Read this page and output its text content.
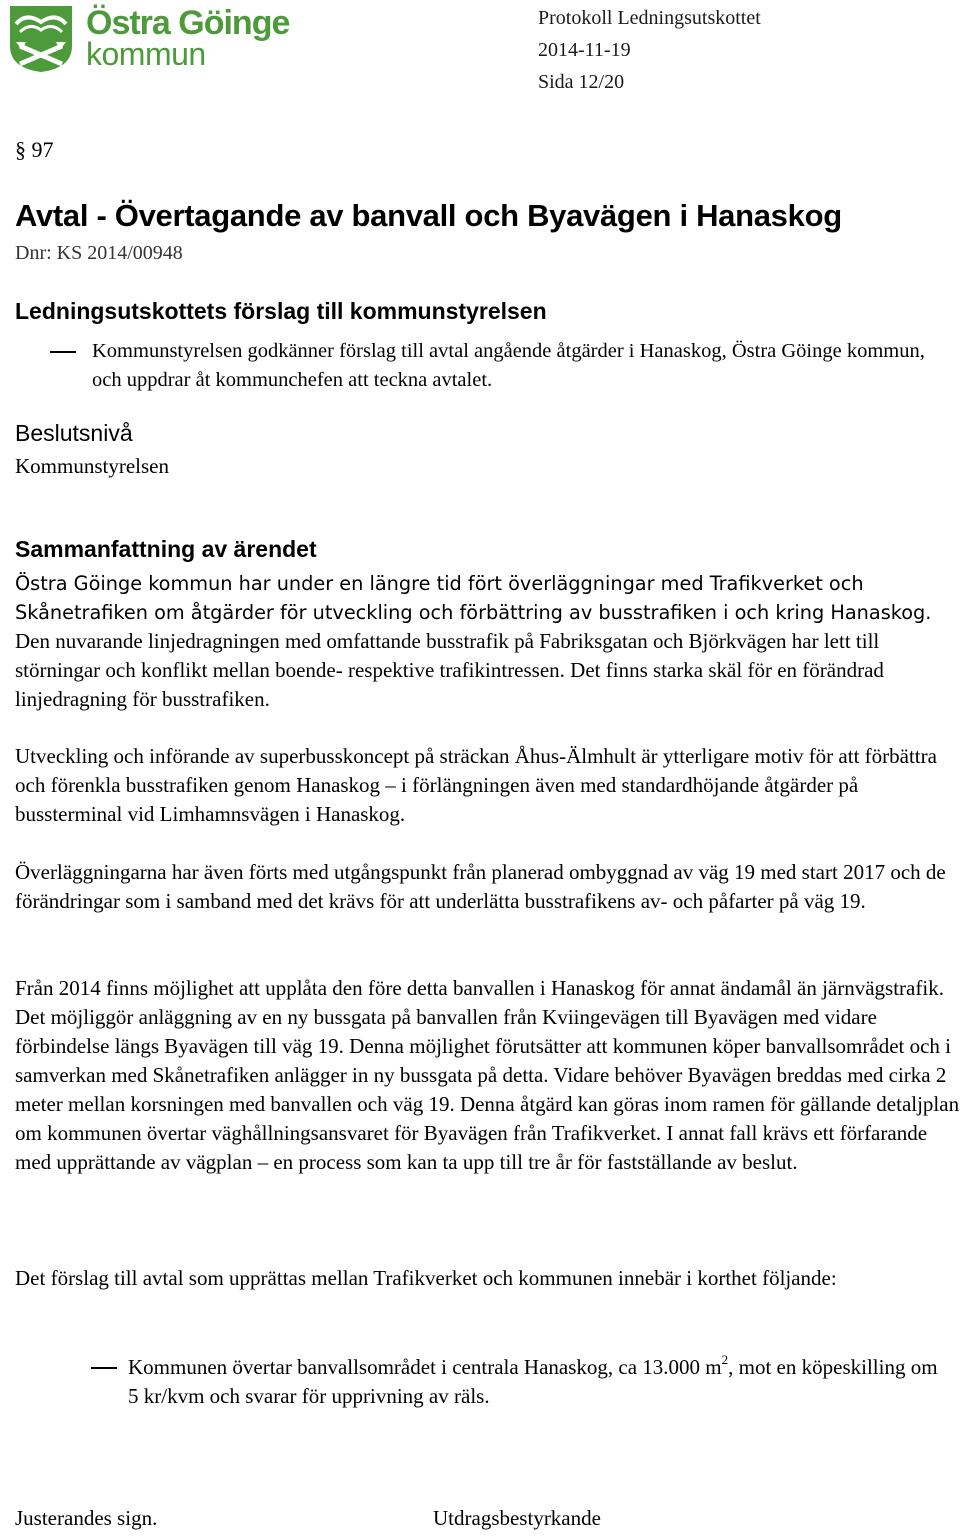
Östra Göinge
kommun
Protokoll Ledningsutskottet
2014-11-19
Sida 12/20
§ 97
Avtal - Övertagande av banvall och Byavägen i Hanaskog
Dnr: KS 2014/00948
Ledningsutskottets förslag till kommunstyrelsen
Kommunstyrelsen godkänner förslag till avtal angående åtgärder i Hanaskog, Östra Göinge kommun, och uppdrar åt kommunchefen att teckna avtalet.
Beslutsnivå
Kommunstyrelsen
Sammanfattning av ärendet
Östra Göinge kommun har under en längre tid fört överläggningar med Trafikverket och Skånetrafiken om åtgärder för utveckling och förbättring av busstrafiken i och kring Hanaskog. Den nuvarande linjedragningen med omfattande busstrafik på Fabriksgatan och Björkvägen har lett till störningar och konflikt mellan boende- respektive trafikintressen. Det finns starka skäl för en förändrad linjedragning för busstrafiken.
Utveckling och införande av superbusskoncept på sträckan Åhus-Älmhult är ytterligare motiv för att förbättra och förenkla busstrafiken genom Hanaskog – i förlängningen även med standardhöjande åtgärder på bussterminal vid Limhamnsvägen i Hanaskog.
Överläggningarna har även förts med utgångspunkt från planerad ombyggnad av väg 19 med start 2017 och de förändringar som i samband med det krävs för att underlätta busstrafikens av- och påfarter på väg 19.
Från 2014 finns möjlighet att upplåta den före detta banvallen i Hanaskog för annat ändamål än järnvägstrafik. Det möjliggör anläggning av en ny bussgata på banvallen från Kviingevägen till Byavägen med vidare förbindelse längs Byavägen till väg 19. Denna möjlighet förutsätter att kommunen köper banvallsområdet och i samverkan med Skånetrafiken anlägger in ny bussgata på detta. Vidare behöver Byavägen breddas med cirka 2 meter mellan korsningen med banvallen och väg 19. Denna åtgärd kan göras inom ramen för gällande detaljplan om kommunen övertar väghållningsansvaret för Byavägen från Trafikverket. I annat fall krävs ett förfarande med upprättande av vägplan – en process som kan ta upp till tre år för fastställande av beslut.
Det förslag till avtal som upprättas mellan Trafikverket och kommunen innebär i korthet följande:
Kommunen övertar banvallsområdet i centrala Hanaskog, ca 13.000 $m^2$, mot en köpeskilling om 5 kr/kvm och svarar för upprivning av räls.
Justerandes sign.	Utdragsbestyrkande
